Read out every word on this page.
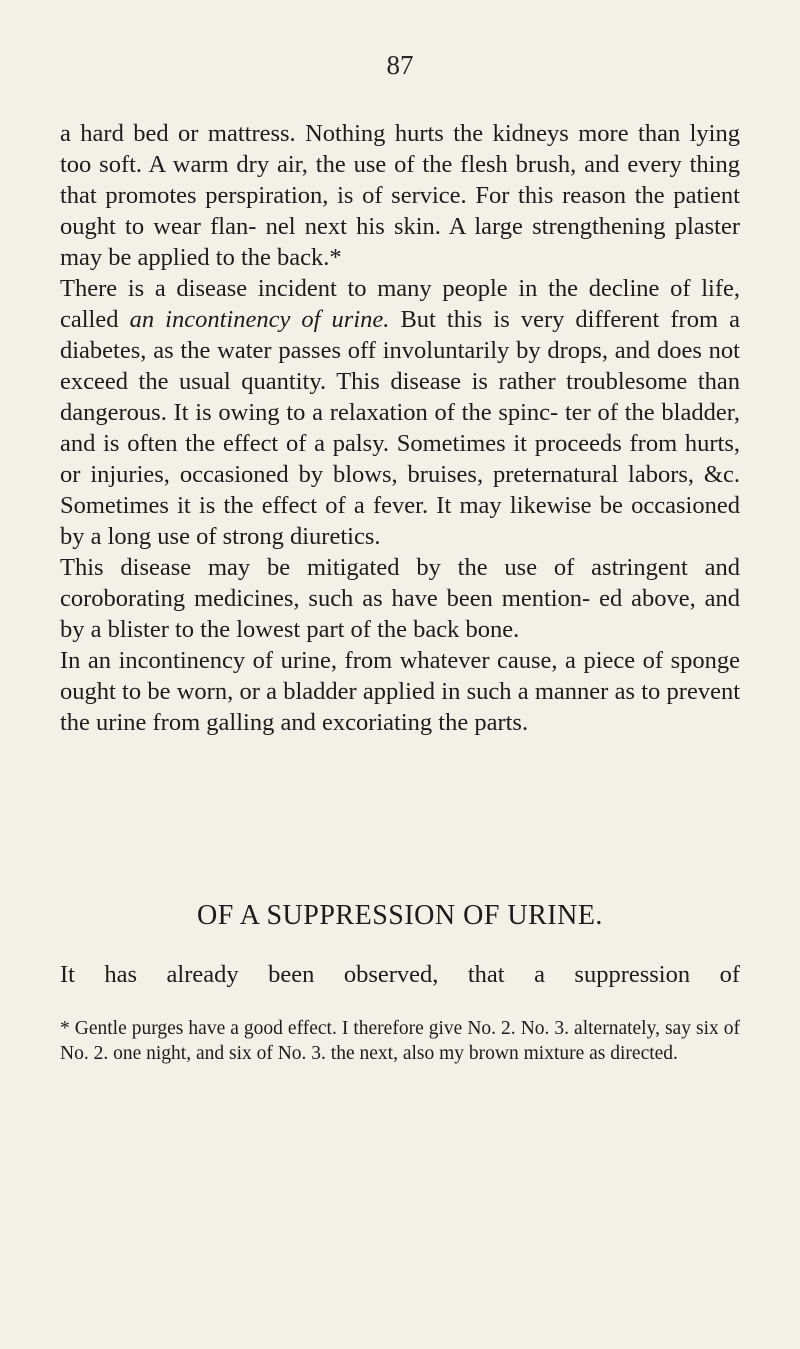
87

a hard bed or mattress. Nothing hurts the kidneys more than lying too soft. A warm dry air, the use of the flesh brush, and every thing that promotes perspiration, is of service. For this reason the patient ought to wear flan- nel next his skin. A large strengthening plaster may be applied to the back.*

There is a disease incident to many people in the decline of life, called an incontinency of urine. But this is very different from a diabetes, as the water passes off involuntarily by drops, and does not exceed the usual quantity. This disease is rather troublesome than dangerous. It is owing to a relaxation of the spinc- ter of the bladder, and is often the effect of a palsy. Sometimes it proceeds from hurts, or injuries, occasioned by blows, bruises, preternatural labors, &c. Sometimes it is the effect of a fever. It may likewise be occasioned by a long use of strong diuretics.

This disease may be mitigated by the use of astringent and coroborating medicines, such as have been mention- ed above, and by a blister to the lowest part of the back bone.

In an incontinency of urine, from whatever cause, a piece of sponge ought to be worn, or a bladder applied in such a manner as to prevent the urine from galling and excoriating the parts.

OF A SUPPRESSION OF URINE.
It has already been observed, that a suppression of

* Gentle purges have a good effect. I therefore give No. 2. No. 3. alternately, say six of No. 2. one night, and six of No. 3. the next, also my brown mixture as directed.
